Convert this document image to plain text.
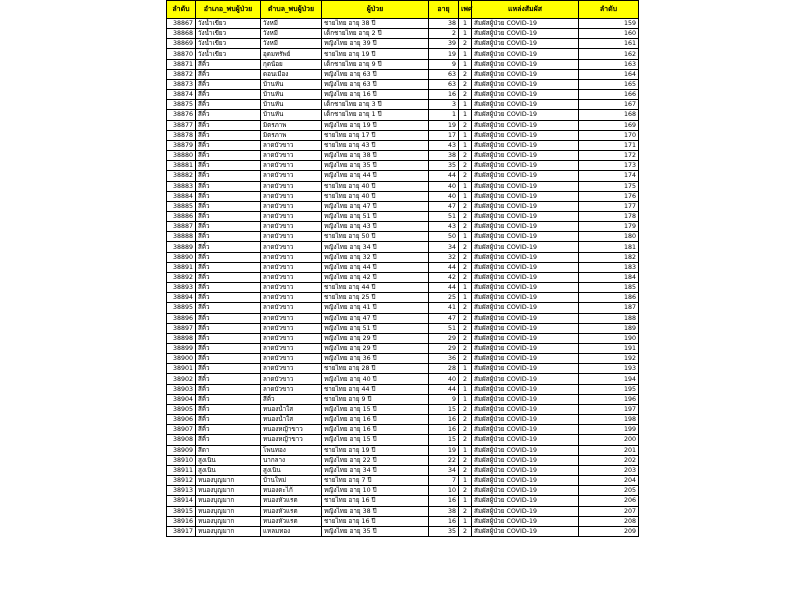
ลำดับ	อำเภอ_พบผู้ป่วย	ตำบล_พบผู้ป่วย	ผู้ป่วย	อายุ	เพศ	แหล่งสัมผัส	ลำดับ
38867	วังน้ำเขียว	วังหมี	ชายไทย อายุ 38 ปี	38	1	สัมผัสผู้ป่วย COVID-19	159
38868	วังน้ำเขียว	วังหมี	เด็กชายไทย อายุ 2 ปี	2	1	สัมผัสผู้ป่วย COVID-19	160
38869	วังน้ำเขียว	วังหมี	หญิงไทย อายุ 39 ปี	39	2	สัมผัสผู้ป่วย COVID-19	161
38870	วังน้ำเขียว	อุดมทรัพย์	ชายไทย อายุ 19 ปี	19	1	สัมผัสผู้ป่วย COVID-19	162
38871	สีคิ้ว	กุดน้อย	เด็กชายไทย อายุ 9 ปี	9	1	สัมผัสผู้ป่วย COVID-19	163
38872	สีคิ้ว	ดอนเมือง	หญิงไทย อายุ 63 ปี	63	2	สัมผัสผู้ป่วย COVID-19	164
38873	สีคิ้ว	บ้านหัน	หญิงไทย อายุ 63 ปี	63	2	สัมผัสผู้ป่วย COVID-19	165
38874	สีคิ้ว	บ้านหัน	หญิงไทย อายุ 16 ปี	16	2	สัมผัสผู้ป่วย COVID-19	166
38875	สีคิ้ว	บ้านหัน	เด็กชายไทย อายุ 3 ปี	3	1	สัมผัสผู้ป่วย COVID-19	167
38876	สีคิ้ว	บ้านหัน	เด็กชายไทย อายุ 1 ปี	1	1	สัมผัสผู้ป่วย COVID-19	168
38877	สีคิ้ว	มิตรภาพ	หญิงไทย อายุ 19 ปี	19	2	สัมผัสผู้ป่วย COVID-19	169
38878	สีคิ้ว	มิตรภาพ	ชายไทย อายุ 17 ปี	17	1	สัมผัสผู้ป่วย COVID-19	170
38879	สีคิ้ว	ลาดบัวขาว	ชายไทย อายุ 43 ปี	43	1	สัมผัสผู้ป่วย COVID-19	171
38880	สีคิ้ว	ลาดบัวขาว	หญิงไทย อายุ 38 ปี	38	2	สัมผัสผู้ป่วย COVID-19	172
38881	สีคิ้ว	ลาดบัวขาว	หญิงไทย อายุ 35 ปี	35	2	สัมผัสผู้ป่วย COVID-19	173
38882	สีคิ้ว	ลาดบัวขาว	หญิงไทย อายุ 44 ปี	44	2	สัมผัสผู้ป่วย COVID-19	174
38883	สีคิ้ว	ลาดบัวขาว	ชายไทย อายุ 40 ปี	40	1	สัมผัสผู้ป่วย COVID-19	175
38884	สีคิ้ว	ลาดบัวขาว	ชายไทย อายุ 40 ปี	40	1	สัมผัสผู้ป่วย COVID-19	176
38885	สีคิ้ว	ลาดบัวขาว	หญิงไทย อายุ 47 ปี	47	2	สัมผัสผู้ป่วย COVID-19	177
38886	สีคิ้ว	ลาดบัวขาว	หญิงไทย อายุ 51 ปี	51	2	สัมผัสผู้ป่วย COVID-19	178
38887	สีคิ้ว	ลาดบัวขาว	หญิงไทย อายุ 43 ปี	43	2	สัมผัสผู้ป่วย COVID-19	179
38888	สีคิ้ว	ลาดบัวขาว	ชายไทย อายุ 50 ปี	50	1	สัมผัสผู้ป่วย COVID-19	180
38889	สีคิ้ว	ลาดบัวขาว	หญิงไทย อายุ 34 ปี	34	2	สัมผัสผู้ป่วย COVID-19	181
38890	สีคิ้ว	ลาดบัวขาว	หญิงไทย อายุ 32 ปี	32	2	สัมผัสผู้ป่วย COVID-19	182
38891	สีคิ้ว	ลาดบัวขาว	หญิงไทย อายุ 44 ปี	44	2	สัมผัสผู้ป่วย COVID-19	183
38892	สีคิ้ว	ลาดบัวขาว	หญิงไทย อายุ 42 ปี	42	2	สัมผัสผู้ป่วย COVID-19	184
38893	สีคิ้ว	ลาดบัวขาว	ชายไทย อายุ 44 ปี	44	1	สัมผัสผู้ป่วย COVID-19	185
38894	สีคิ้ว	ลาดบัวขาว	ชายไทย อายุ 25 ปี	25	1	สัมผัสผู้ป่วย COVID-19	186
38895	สีคิ้ว	ลาดบัวขาว	หญิงไทย อายุ 41 ปี	41	2	สัมผัสผู้ป่วย COVID-19	187
38896	สีคิ้ว	ลาดบัวขาว	หญิงไทย อายุ 47 ปี	47	2	สัมผัสผู้ป่วย COVID-19	188
38897	สีคิ้ว	ลาดบัวขาว	หญิงไทย อายุ 51 ปี	51	2	สัมผัสผู้ป่วย COVID-19	189
38898	สีคิ้ว	ลาดบัวขาว	หญิงไทย อายุ 29 ปี	29	2	สัมผัสผู้ป่วย COVID-19	190
38899	สีคิ้ว	ลาดบัวขาว	หญิงไทย อายุ 29 ปี	29	2	สัมผัสผู้ป่วย COVID-19	191
38900	สีคิ้ว	ลาดบัวขาว	หญิงไทย อายุ 36 ปี	36	2	สัมผัสผู้ป่วย COVID-19	192
38901	สีคิ้ว	ลาดบัวขาว	ชายไทย อายุ 28 ปี	28	1	สัมผัสผู้ป่วย COVID-19	193
38902	สีคิ้ว	ลาดบัวขาว	หญิงไทย อายุ 40 ปี	40	2	สัมผัสผู้ป่วย COVID-19	194
38903	สีคิ้ว	ลาดบัวขาว	ชายไทย อายุ 44 ปี	44	1	สัมผัสผู้ป่วย COVID-19	195
38904	สีคิ้ว	สีคิ้ว	ชายไทย อายุ 9 ปี	9	1	สัมผัสผู้ป่วย COVID-19	196
38905	สีคิ้ว	หนองน้ำใส	หญิงไทย อายุ 15 ปี	15	2	สัมผัสผู้ป่วย COVID-19	197
38906	สีคิ้ว	หนองน้ำใส	หญิงไทย อายุ 16 ปี	16	2	สัมผัสผู้ป่วย COVID-19	198
38907	สีคิ้ว	หนองหญ้าขาว	หญิงไทย อายุ 16 ปี	16	2	สัมผัสผู้ป่วย COVID-19	199
38908	สีคิ้ว	หนองหญ้าขาว	หญิงไทย อายุ 15 ปี	15	2	สัมผัสผู้ป่วย COVID-19	200
38909	สีดา	โพนทอง	ชายไทย อายุ 19 ปี	19	1	สัมผัสผู้ป่วย COVID-19	201
38910	สูงเนิน	นากลาง	หญิงไทย อายุ 22 ปี	22	2	สัมผัสผู้ป่วย COVID-19	202
38911	สูงเนิน	สูงเนิน	หญิงไทย อายุ 34 ปี	34	2	สัมผัสผู้ป่วย COVID-19	203
38912	หนองบุญมาก	บ้านใหม่	ชายไทย อายุ 7 ปี	7	1	สัมผัสผู้ป่วย COVID-19	204
38913	หนองบุญมาก	หนองตะไก้	หญิงไทย อายุ 10 ปี	10	2	สัมผัสผู้ป่วย COVID-19	205
38914	หนองบุญมาก	หนองหัวแรต	ชายไทย อายุ 16 ปี	16	1	สัมผัสผู้ป่วย COVID-19	206
38915	หนองบุญมาก	หนองหัวแรต	หญิงไทย อายุ 38 ปี	38	2	สัมผัสผู้ป่วย COVID-19	207
38916	หนองบุญมาก	หนองหัวแรต	ชายไทย อายุ 16 ปี	16	1	สัมผัสผู้ป่วย COVID-19	208
38917	หนองบุญมาก	แหลมทอง	หญิงไทย อายุ 35 ปี	35	2	สัมผัสผู้ป่วย COVID-19	209
